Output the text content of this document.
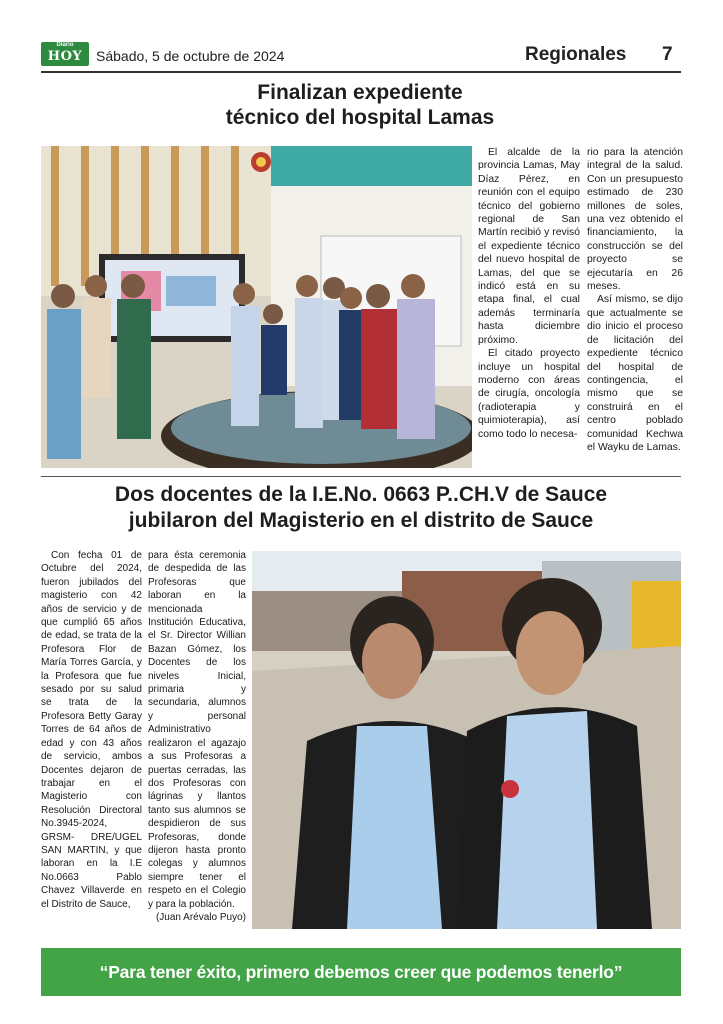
Diario
HOY Sábado, 5 de octubre de 2024	Regionales 7
Finalizan expediente
técnico del hospital Lamas

El alcalde de la provincia Lamas, May Díaz Pérez, en reunión con el equipo técnico del gobierno regional de San Martín recibió y revisó el expediente técnico del nuevo hospital de Lamas, del que se indicó está en su etapa final, el cual además terminaría hasta diciembre próximo.

El citado proyecto incluye un hospital moderno con áreas de cirugía, oncología (radioterapia y quimioterapia), así como todo lo necesa-

rio para la atención integral de la salud. Con un presupuesto estimado de 230 millones de soles, una vez obtenido el financiamiento, la construcción se del proyecto se ejecutaría en 26 meses.

Así mismo, se dijo que actualmente se dio inicio el proceso de licitación del expediente técnico del hospital de contingencia, el mismo que se construirá en el centro poblado comunidad Kechwa el Wayku de Lamas.

Dos docentes de la I.E.No. 0663 P..CH.V de Sauce
jubilaron del Magisterio en el distrito de Sauce

Con fecha 01 de Octubre del 2024, fueron jubilados del magisterio con 42 años de servicio y de que cumplió 65 años de edad, se trata de la Profesora Flor de María Torres García, y la Profesora que fue sesado por su salud se trata de la Profesora Betty Garay Torres de 64 años de edad y con 43 años de servicio, ambos Docentes dejaron de trabajar en el Magisterio con Resolución Directoral No.3945-2024, GRSM- DRE/UGEL SAN MARTIN, y que laboran en la I.E No.0663 Pablo Chavez Villaverde en el Distrito de Sauce,

para ésta ceremonia de despedida de las Profesoras que laboran en la mencionada Institución Educativa, el Sr. Director Willian Bazan Gómez, los Docentes de los niveles Inicial, primaria y secundaria, alumnos y personal Administrativo realizaron el agazajo a sus Profesoras a puertas cerradas, las dos Profesoras con lágrinas y llantos tanto sus alumnos se despidieron de sus Profesoras, donde dijeron hasta pronto colegas y alumnos siempre tener el respeto en el Colegio y para la población.

(Juan Arévalo Puyo)

“Para tener éxito, primero debemos creer que podemos tenerlo”
